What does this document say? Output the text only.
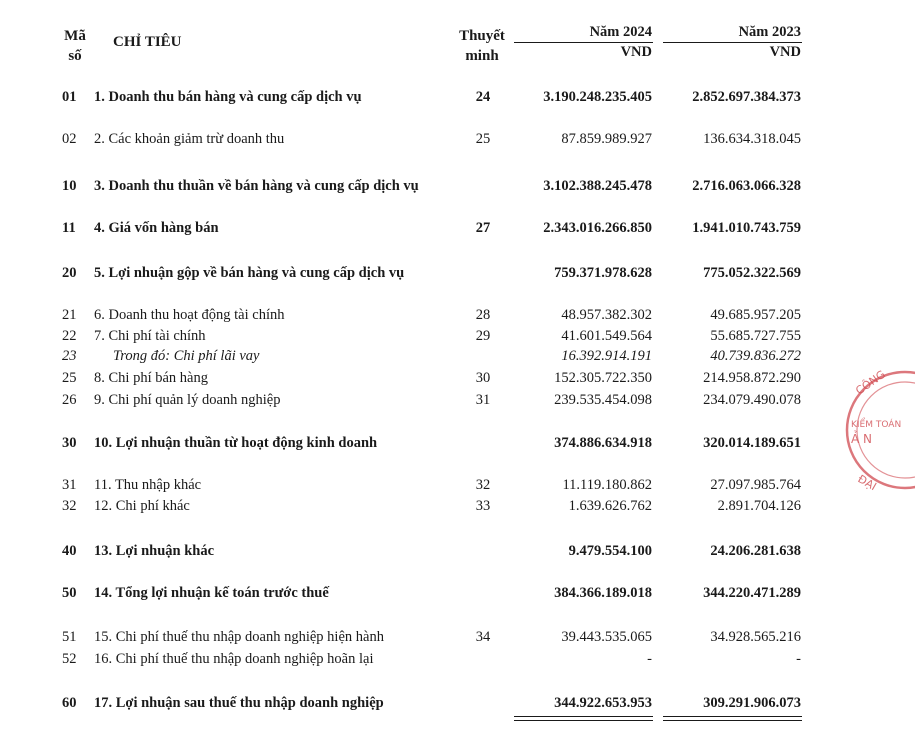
Mã
số
CHỈ TIÊU	Thuyết
minh
Năm 2024	Năm 2023
VND	VND
01 1. Doanh thu bán hàng và cung cấp dịch vụ	24	3.190.248.235.405	2.852.697.384.373
02 2. Các khoản giảm trừ doanh thu	25	87.859.989.927	136.634.318.045
10 3. Doanh thu thuần về bán hàng và cung cấp dịch vụ	3.102.388.245.478	2.716.063.066.328
11 4. Giá vốn hàng bán	27	2.343.016.266.850	1.941.010.743.759
20 5. Lợi nhuận gộp về bán hàng và cung cấp dịch vụ	759.371.978.628	775.052.322.569
21 6. Doanh thu hoạt động tài chính	28	48.957.382.302	49.685.957.205
22 7. Chi phí tài chính	29	41.601.549.564	55.685.727.755
23	Trong đó: Chi phí lãi vay	16.392.914.191	40.739.836.272
25 8. Chi phí bán hàng	30	152.305.722.350	214.958.872.290
26 9. Chi phí quản lý doanh nghiệp	31	239.535.454.098	234.079.490.078
30 10. Lợi nhuận thuần từ hoạt động kinh doanh	374.886.634.918	320.014.189.651
31 11. Thu nhập khác	32	11.119.180.862	27.097.985.764
32 12. Chi phí khác	33	1.639.626.762	2.891.704.126
40 13. Lợi nhuận khác	9.479.554.100	24.206.281.638
50 14. Tổng lợi nhuận kế toán trước thuế	384.366.189.018	344.220.471.289
51 15. Chi phí thuế thu nhập doanh nghiệp hiện hành	34	39.443.535.065	34.928.565.216
52 16. Chi phí thuế thu nhập doanh nghiệp hoãn lại	-	-
60 17. Lợi nhuận sau thuế thu nhập doanh nghiệp	344.922.653.953	309.291.906.073
CÔNG
KIỂM TOÁN
Ả N
ĐẠI
